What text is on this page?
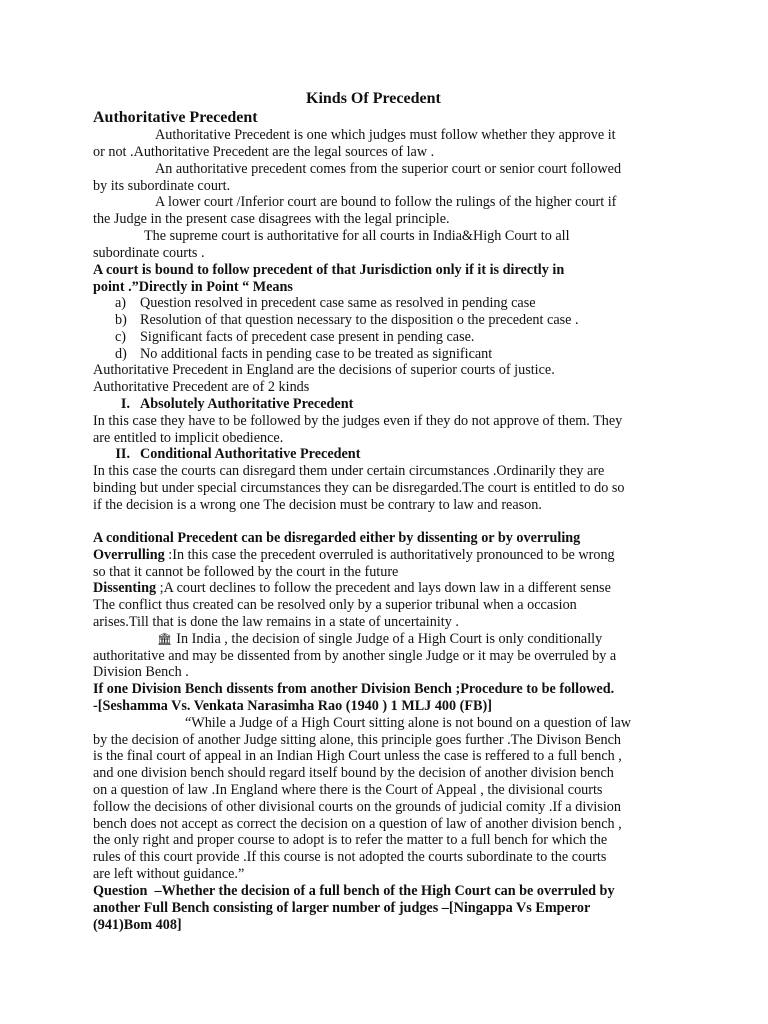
Kinds Of Precedent
Authoritative Precedent
Authoritative Precedent is one which judges must follow whether they approve it
or not .Authoritative Precedent are the legal sources of law .
An authoritative precedent comes from the superior court or senior court followed
by its subordinate court.
A lower court /Inferior court are bound to follow the rulings of the higher court if
the Judge in the present case disagrees with the legal principle.
The supreme court is authoritative for all courts in India&High Court to all
subordinate courts .
A court is bound to follow precedent of that Jurisdiction only if it is directly in
point .”Directly in Point “ Means
a) Question resolved in precedent case same as resolved in pending case
b) Resolution of that question necessary to the disposition o the precedent case .
c) Significant facts of precedent case present in pending case.
d) No additional facts in pending case to be treated as significant
Authoritative Precedent in England are the decisions of superior courts of justice.
Authoritative Precedent are of 2 kinds
I. Absolutely Authoritative Precedent
In this case they have to be followed by the judges even if they do not approve of them. They
are entitled to implicit obedience.
II. Conditional Authoritative Precedent
In this case the courts can disregard them under certain circumstances .Ordinarily they are
binding but under special circumstances they can be disregarded.The court is entitled to do so
if the decision is a wrong one The decision must be contrary to law and reason.
A conditional Precedent can be disregarded either by dissenting or by overruling
Overrulling :In this case the precedent overruled is authoritatively pronounced to be wrong
so that it cannot be followed by the court in the future
Dissenting ;A court declines to follow the precedent and lays down law in a different sense
The conflict thus created can be resolved only by a superior tribunal when a occasion
arises.Till that is done the law remains in a state of uncertainity .
🏛 In India , the decision of single Judge of a High Court is only conditionally
authoritative and may be dissented from by another single Judge or it may be overruled by a
Division Bench .
If one Division Bench dissents from another Division Bench ;Procedure to be followed.
-[Seshamma Vs. Venkata Narasimha Rao (1940 ) 1 MLJ 400 (FB)]
“While a Judge of a High Court sitting alone is not bound on a question of law
by the decision of another Judge sitting alone, this principle goes further .The Divison Bench
is the final court of appeal in an Indian High Court unless the case is reffered to a full bench ,
and one division bench should regard itself bound by the decision of another division bench
on a question of law .In England where there is the Court of Appeal , the divisional courts
follow the decisions of other divisional courts on the grounds of judicial comity .If a division
bench does not accept as correct the decision on a question of law of another division bench ,
the only right and proper course to adopt is to refer the matter to a full bench for which the
rules of this court provide .If this course is not adopted the courts subordinate to the courts
are left without guidance.”
Question –Whether the decision of a full bench of the High Court can be overruled by
another Full Bench consisting of larger number of judges –[Ningappa Vs Emperor
(941)Bom 408]
